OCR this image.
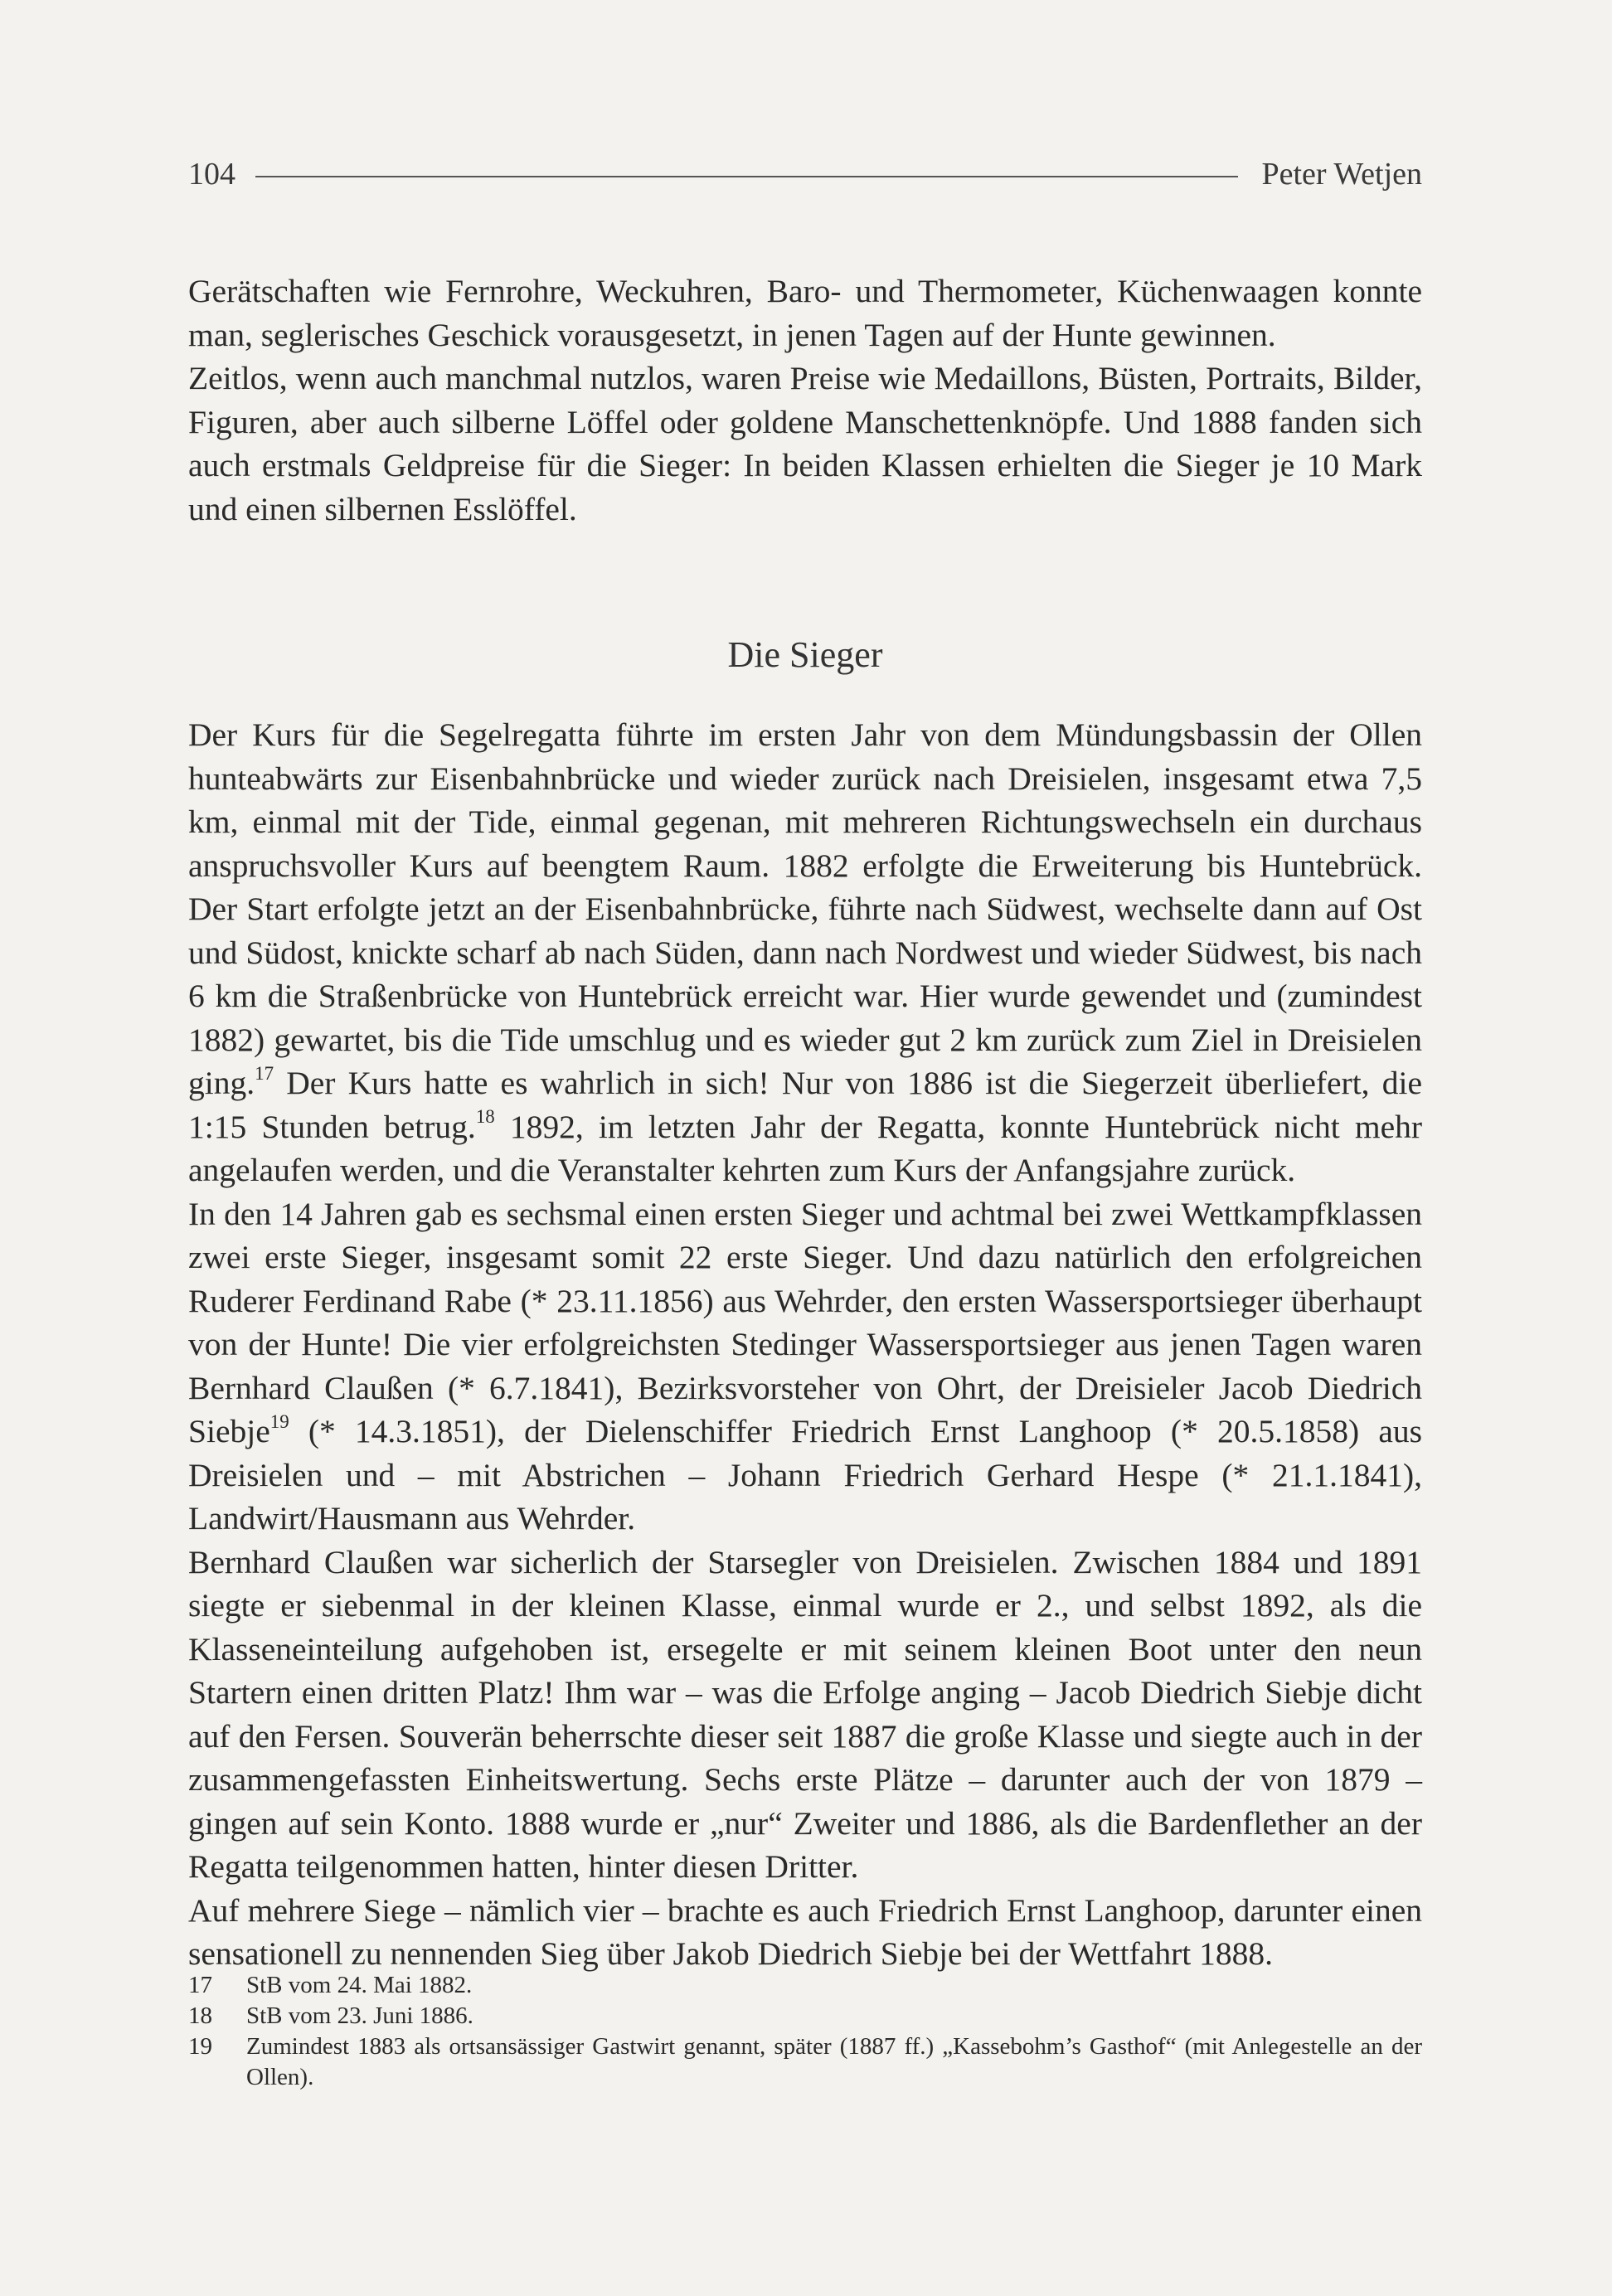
104	Peter Wetjen

Gerätschaften wie Fernrohre, Weckuhren, Baro- und Thermometer, Küchenwaagen konnte man, seglerisches Geschick vorausgesetzt, in jenen Tagen auf der Hunte gewinnen.

Zeitlos, wenn auch manchmal nutzlos, waren Preise wie Medaillons, Büsten, Portraits, Bilder, Figuren, aber auch silberne Löffel oder goldene Manschettenknöpfe. Und 1888 fanden sich auch erstmals Geldpreise für die Sieger: In beiden Klassen erhielten die Sieger je 10 Mark und einen silbernen Esslöffel.

Die Sieger

Der Kurs für die Segelregatta führte im ersten Jahr von dem Mündungsbassin der Ollen hunteabwärts zur Eisenbahnbrücke und wieder zurück nach Dreisielen, insgesamt etwa 7,5 km, einmal mit der Tide, einmal gegenan, mit mehreren Richtungswechseln ein durchaus anspruchsvoller Kurs auf beengtem Raum. 1882 erfolgte die Erweiterung bis Huntebrück. Der Start erfolgte jetzt an der Eisenbahnbrücke, führte nach Südwest, wechselte dann auf Ost und Südost, knickte scharf ab nach Süden, dann nach Nordwest und wieder Südwest, bis nach 6 km die Straßenbrücke von Huntebrück erreicht war. Hier wurde gewendet und (zumindest 1882) gewartet, bis die Tide umschlug und es wieder gut 2 km zurück zum Ziel in Dreisielen ging.$^{17}$ Der Kurs hatte es wahrlich in sich! Nur von 1886 ist die Siegerzeit überliefert, die 1:15 Stunden betrug.$^{18}$ 1892, im letzten Jahr der Regatta, konnte Huntebrück nicht mehr angelaufen werden, und die Veranstalter kehrten zum Kurs der Anfangsjahre zurück.

In den 14 Jahren gab es sechsmal einen ersten Sieger und achtmal bei zwei Wettkampfklassen zwei erste Sieger, insgesamt somit 22 erste Sieger. Und dazu natürlich den erfolgreichen Ruderer Ferdinand Rabe (* 23.11.1856) aus Wehrder, den ersten Wassersportsieger überhaupt von der Hunte! Die vier erfolgreichsten Stedinger Wassersportsieger aus jenen Tagen waren Bernhard Claußen (* 6.7.1841), Bezirksvorsteher von Ohrt, der Dreisieler Jacob Diedrich Siebje$^{19}$ (* 14.3.1851), der Dielenschiffer Friedrich Ernst Langhoop (* 20.5.1858) aus Dreisielen und – mit Abstrichen – Johann Friedrich Gerhard Hespe (* 21.1.1841), Landwirt/Hausmann aus Wehrder.

Bernhard Claußen war sicherlich der Starsegler von Dreisielen. Zwischen 1884 und 1891 siegte er siebenmal in der kleinen Klasse, einmal wurde er 2., und selbst 1892, als die Klasseneinteilung aufgehoben ist, ersegelte er mit seinem kleinen Boot unter den neun Startern einen dritten Platz! Ihm war – was die Erfolge anging – Jacob Diedrich Siebje dicht auf den Fersen. Souverän beherrschte dieser seit 1887 die große Klasse und siegte auch in der zusammengefassten Einheitswertung. Sechs erste Plätze – darunter auch der von 1879 – gingen auf sein Konto. 1888 wurde er „nur“ Zweiter und 1886, als die Bardenflether an der Regatta teilgenommen hatten, hinter diesen Dritter.

Auf mehrere Siege – nämlich vier – brachte es auch Friedrich Ernst Langhoop, darunter einen sensationell zu nennenden Sieg über Jakob Diedrich Siebje bei der Wettfahrt 1888.

17	StB vom 24. Mai 1882.
18	StB vom 23. Juni 1886.
19	Zumindest 1883 als ortsansässiger Gastwirt genannt, später (1887 ff.) „Kassebohm’s Gasthof“ (mit Anlegestelle an der Ollen).
